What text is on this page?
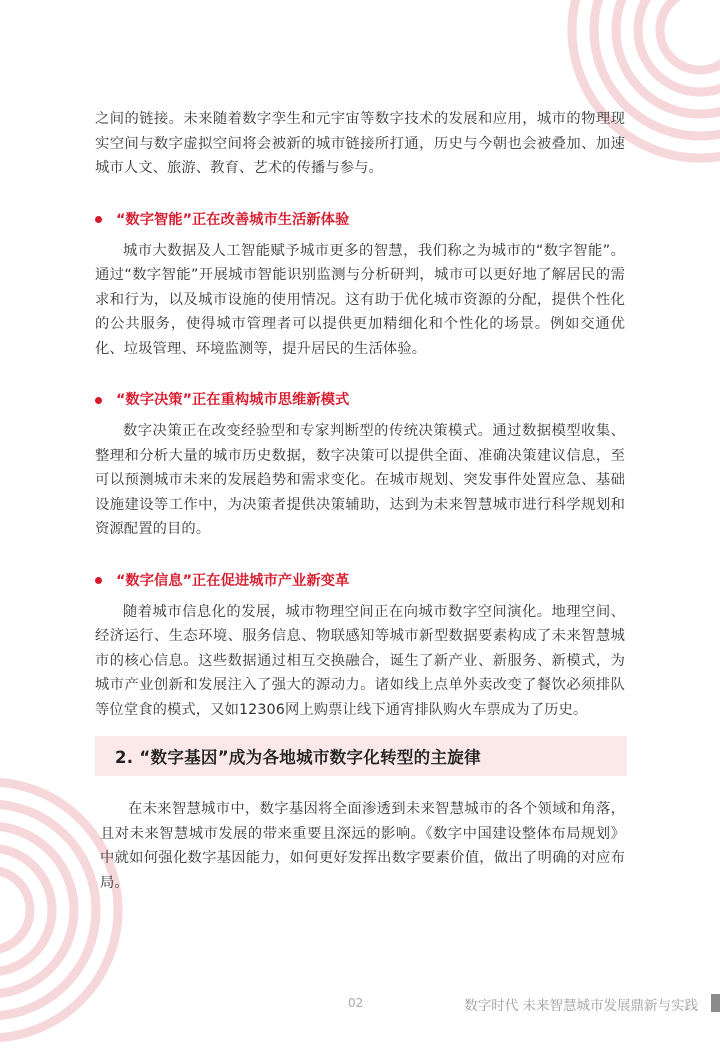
之间的链接。未来随着数字孪生和元宇宙等数字技术的发展和应用，城市的物理现实空间与数字虚拟空间将会被新的城市链接所打通，历史与今朝也会被叠加、加速城市人文、旅游、教育、艺术的传播与参与。

“数字智能”正在改善城市生活新体验

城市大数据及人工智能赋予城市更多的智慧，我们称之为城市的“数字智能”。通过“数字智能”开展城市智能识别监测与分析研判，城市可以更好地了解居民的需求和行为，以及城市设施的使用情况。这有助于优化城市资源的分配，提供个性化的公共服务，使得城市管理者可以提供更加精细化和个性化的场景。例如交通优化、垃圾管理、环境监测等，提升居民的生活体验。

“数字决策”正在重构城市思维新模式

数字决策正在改变经验型和专家判断型的传统决策模式。通过数据模型收集、整理和分析大量的城市历史数据，数字决策可以提供全面、准确决策建议信息，至可以预测城市未来的发展趋势和需求变化。在城市规划、突发事件处置应急、基础设施建设等工作中，为决策者提供决策辅助，达到为未来智慧城市进行科学规划和资源配置的目的。

“数字信息”正在促进城市产业新变革

随着城市信息化的发展，城市物理空间正在向城市数字空间演化。地理空间、经济运行、生态环境、服务信息、物联感知等城市新型数据要素构成了未来智慧城市的核心信息。这些数据通过相互交换融合，诞生了新产业、新服务、新模式，为城市产业创新和发展注入了强大的源动力。诸如线上点单外卖改变了餐饮必须排队等位堂食的模式，又如12306网上购票让线下通宵排队购火车票成为了历史。

2. “数字基因”成为各地城市数字化转型的主旋律

在未来智慧城市中，数字基因将全面渗透到未来智慧城市的各个领域和角落，且对未来智慧城市发展的带来重要且深远的影响。《数字中国建设整体布局规划》中就如何强化数字基因能力，如何更好发挥出数字要素价值，做出了明确的对应布局。

02	数字时代 未来智慧城市发展鼎新与实践
